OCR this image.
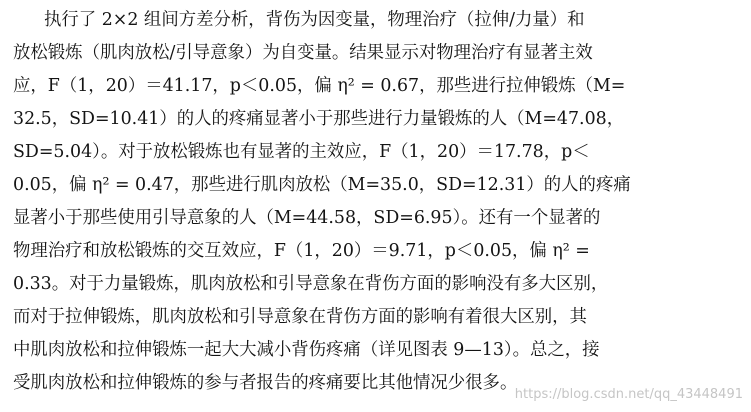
执行了 2×2 组间方差分析，背伤为因变量，物理治疗（拉伸/力量）和
放松锻炼（肌肉放松/引导意象）为自变量。结果显示对物理治疗有显著主效
应，F（1，20）＝41.17，p＜0.05，偏 η² = 0.67，那些进行拉伸锻炼（M=
32.5，SD=10.41）的人的疼痛显著小于那些进行力量锻炼的人（M=47.08，
SD=5.04）。对于放松锻炼也有显著的主效应，F（1，20）＝17.78，p＜
0.05，偏 η² = 0.47，那些进行肌肉放松（M=35.0，SD=12.31）的人的疼痛
显著小于那些使用引导意象的人（M=44.58，SD=6.95）。还有一个显著的
物理治疗和放松锻炼的交互效应，F（1，20）＝9.71，p＜0.05，偏 η² =
0.33。对于力量锻炼，肌肉放松和引导意象在背伤方面的影响没有多大区别，
而对于拉伸锻炼，肌肉放松和引导意象在背伤方面的影响有着很大区别，其
中肌肉放松和拉伸锻炼一起大大减小背伤疼痛（详见图表 9—13）。总之，接
受肌肉放松和拉伸锻炼的参与者报告的疼痛要比其他情况少很多。
https://blog.csdn.net/qq_43448491
